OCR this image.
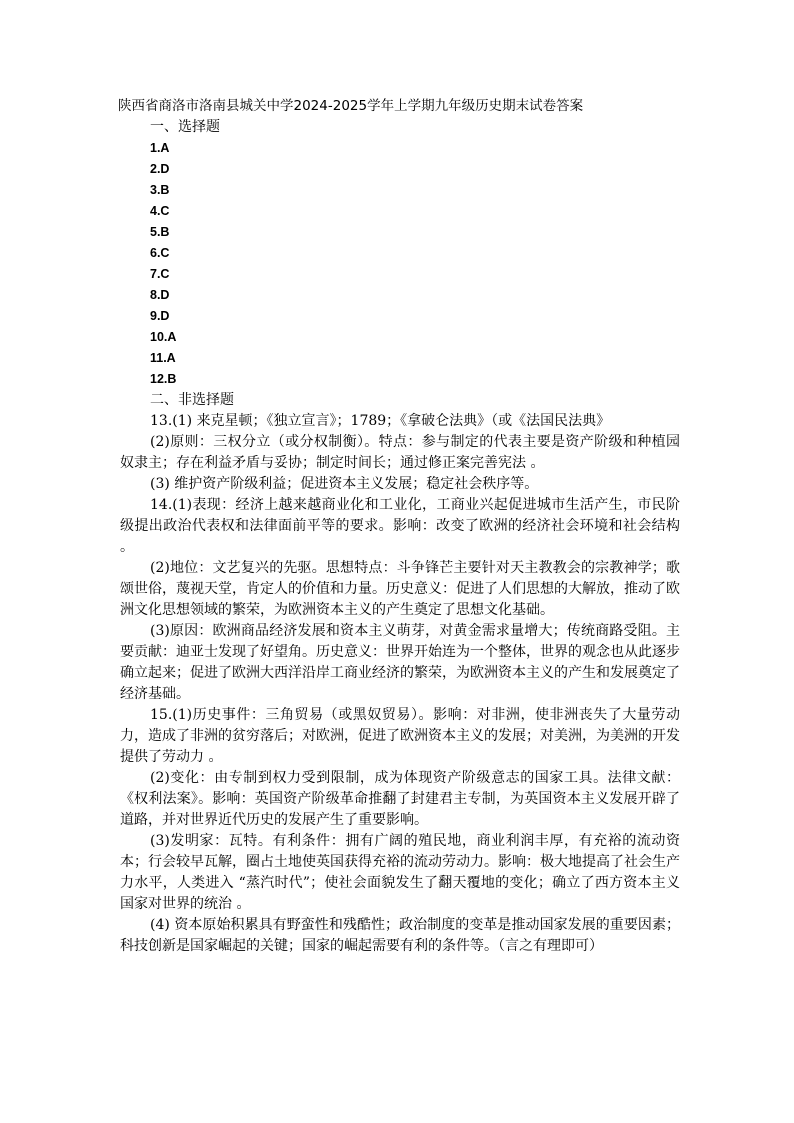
陕西省商洛市洛南县城关中学2024-2025学年上学期九年级历史期末试卷答案
一、选择题
1.A
2.D
3.B
4.C
5.B
6.C
7.C
8.D
9.D
10.A
11.A
12.B
二、非选择题

13.(1) 来克星顿；《独立宣言》；1789；《拿破仑法典》（或《法国民法典》

(2)原则：三权分立（或分权制衡）。特点：参与制定的代表主要是资产阶级和种植园奴隶主；存在利益矛盾与妥协；制定时间长；通过修正案完善宪法 。

(3) 维护资产阶级利益；促进资本主义发展；稳定社会秩序等。

14.(1)表现：经济上越来越商业化和工业化，工商业兴起促进城市生活产生，市民阶级提出政治代表权和法律面前平等的要求。影响：改变了欧洲的经济社会环境和社会结构 。

(2)地位：文艺复兴的先驱。思想特点：斗争锋芒主要针对天主教教会的宗教神学；歌颂世俗，蔑视天堂，肯定人的价值和力量。历史意义：促进了人们思想的大解放，推动了欧洲文化思想领域的繁荣，为欧洲资本主义的产生奠定了思想文化基础。

(3)原因：欧洲商品经济发展和资本主义萌芽，对黄金需求量增大；传统商路受阻。主要贡献：迪亚士发现了好望角。历史意义：世界开始连为一个整体，世界的观念也从此逐步确立起来；促进了欧洲大西洋沿岸工商业经济的繁荣，为欧洲资本主义的产生和发展奠定了经济基础。

15.(1)历史事件：三角贸易（或黑奴贸易）。影响：对非洲，使非洲丧失了大量劳动力，造成了非洲的贫穷落后；对欧洲，促进了欧洲资本主义的发展；对美洲，为美洲的开发提供了劳动力 。

(2)变化：由专制到权力受到限制，成为体现资产阶级意志的国家工具。法律文献：《权利法案》。影响：英国资产阶级革命推翻了封建君主专制，为英国资本主义发展开辟了道路，并对世界近代历史的发展产生了重要影响。

(3)发明家：瓦特。有利条件：拥有广阔的殖民地，商业利润丰厚，有充裕的流动资本；行会较早瓦解，圈占土地使英国获得充裕的流动劳动力。影响：极大地提高了社会生产力水平，人类进入 “蒸汽时代”；使社会面貌发生了翻天覆地的变化；确立了西方资本主义国家对世界的统治 。

(4) 资本原始积累具有野蛮性和残酷性；政治制度的变革是推动国家发展的重要因素；科技创新是国家崛起的关键；国家的崛起需要有利的条件等。（言之有理即可）
